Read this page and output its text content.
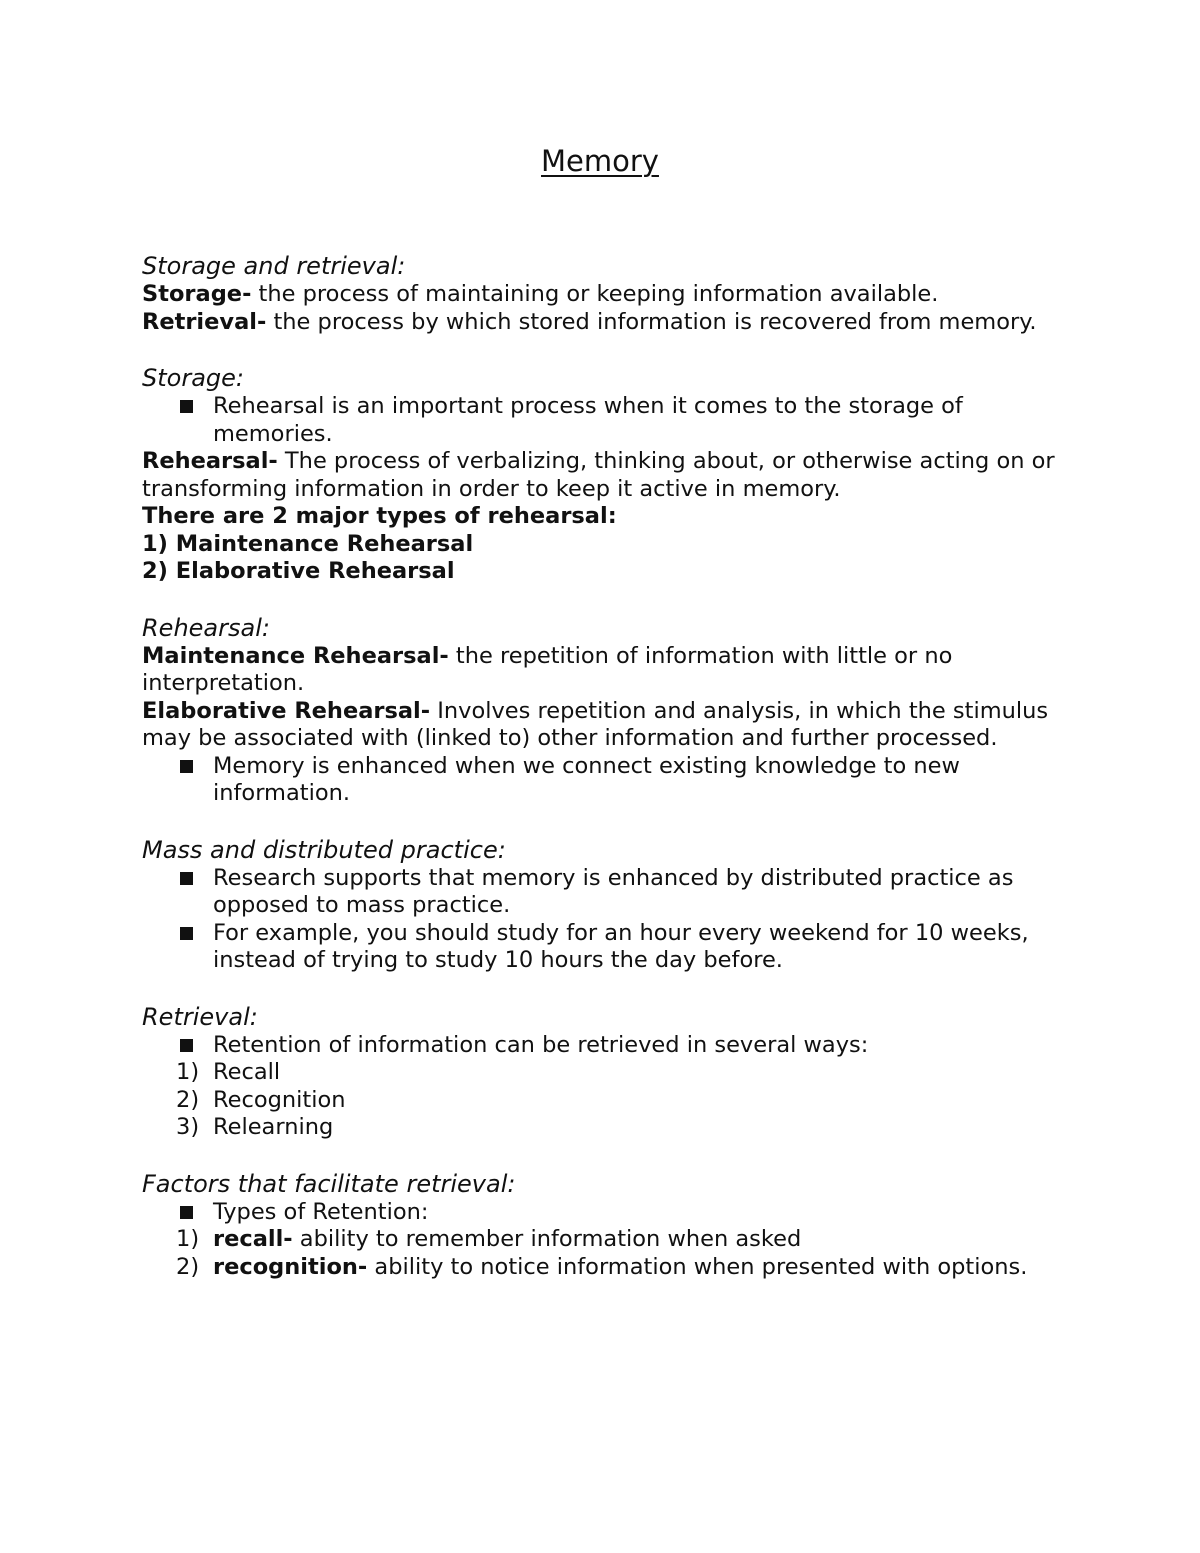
Memory
Storage and retrieval:

Storage- the process of maintaining or keeping information available.

Retrieval- the process by which stored information is recovered from memory.

Storage:
Rehearsal is an important process when it comes to the storage of memories.

Rehearsal- The process of verbalizing, thinking about, or otherwise acting on or transforming information in order to keep it active in memory.

There are 2 major types of rehearsal:

1) Maintenance Rehearsal

2) Elaborative Rehearsal

Rehearsal:

Maintenance Rehearsal- the repetition of information with little or no interpretation.

Elaborative Rehearsal- Involves repetition and analysis, in which the stimulus may be associated with (linked to) other information and further processed.

Memory is enhanced when we connect existing knowledge to new information.
Mass and distributed practice:
Research supports that memory is enhanced by distributed practice as opposed to mass practice.
For example, you should study for an hour every weekend for 10 weeks, instead of trying to study 10 hours the day before.
Retrieval:
Retention of information can be retrieved in several ways:
1) Recall
2) Recognition
3) Relearning
Factors that facilitate retrieval:
Types of Retention:
1) recall- ability to remember information when asked
2) recognition- ability to notice information when presented with options.
